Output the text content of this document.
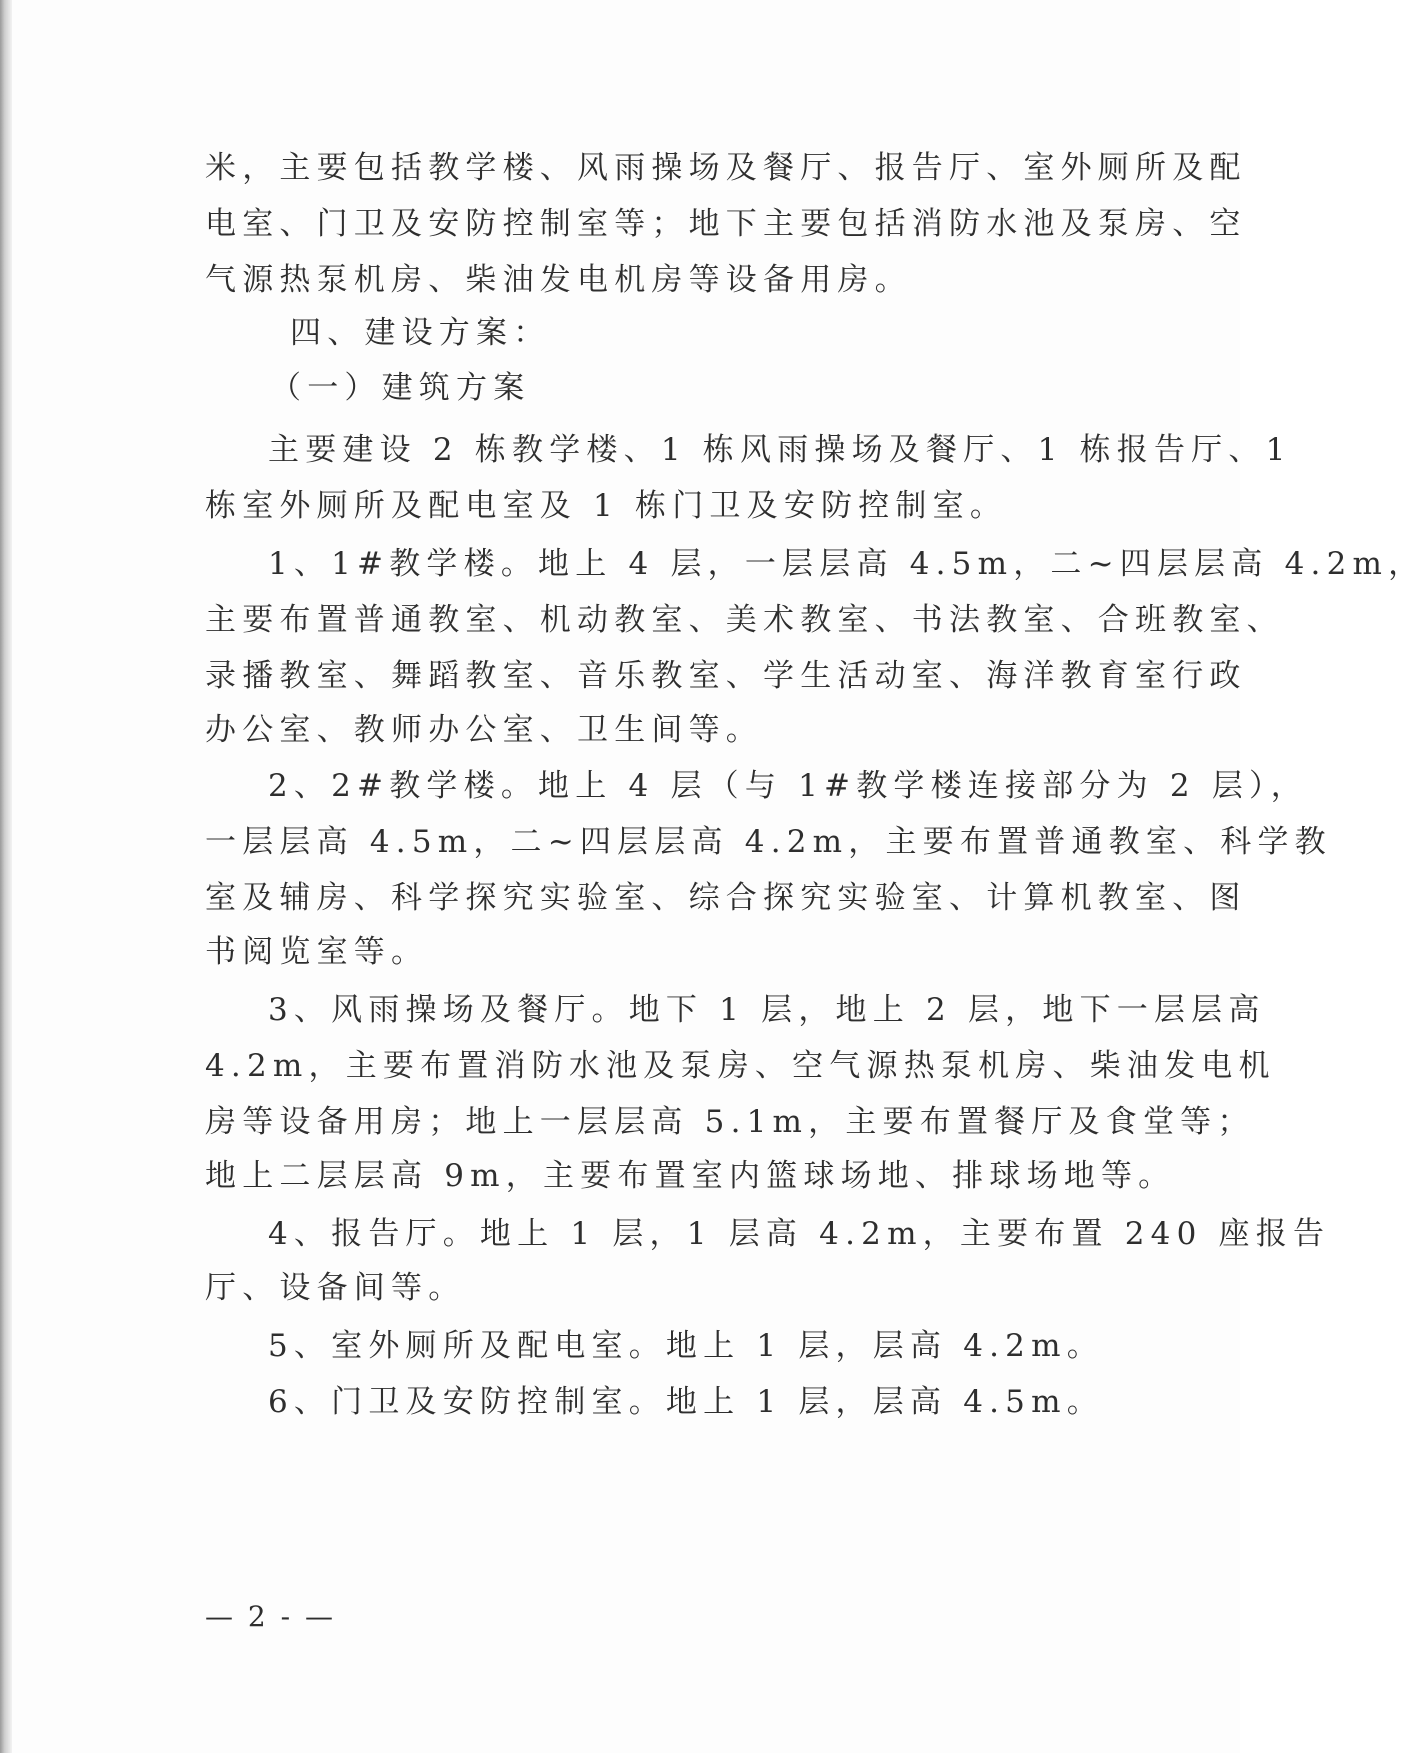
米，主要包括教学楼、风雨操场及餐厅、报告厅、室外厕所及配
电室、门卫及安防控制室等；地下主要包括消防水池及泵房、空
气源热泵机房、柴油发电机房等设备用房。
四、建设方案：
（一）建筑方案
主要建设 2 栋教学楼、1 栋风雨操场及餐厅、1 栋报告厅、1
栋室外厕所及配电室及 1 栋门卫及安防控制室。
1、1#教学楼。地上 4 层，一层层高 4.5m，二~四层层高 4.2m，
主要布置普通教室、机动教室、美术教室、书法教室、合班教室、
录播教室、舞蹈教室、音乐教室、学生活动室、海洋教育室行政
办公室、教师办公室、卫生间等。
2、2#教学楼。地上 4 层（与 1#教学楼连接部分为 2 层），
一层层高 4.5m，二~四层层高 4.2m，主要布置普通教室、科学教
室及辅房、科学探究实验室、综合探究实验室、计算机教室、图
书阅览室等。
3、风雨操场及餐厅。地下 1 层，地上 2 层，地下一层层高
4.2m，主要布置消防水池及泵房、空气源热泵机房、柴油发电机
房等设备用房；地上一层层高 5.1m，主要布置餐厅及食堂等；
地上二层层高 9m，主要布置室内篮球场地、排球场地等。
4、报告厅。地上 1 层，1 层高 4.2m，主要布置 240 座报告
厅、设备间等。
5、室外厕所及配电室。地上 1 层，层高 4.2m。
6、门卫及安防控制室。地上 1 层，层高 4.5m。
— 2 - —
